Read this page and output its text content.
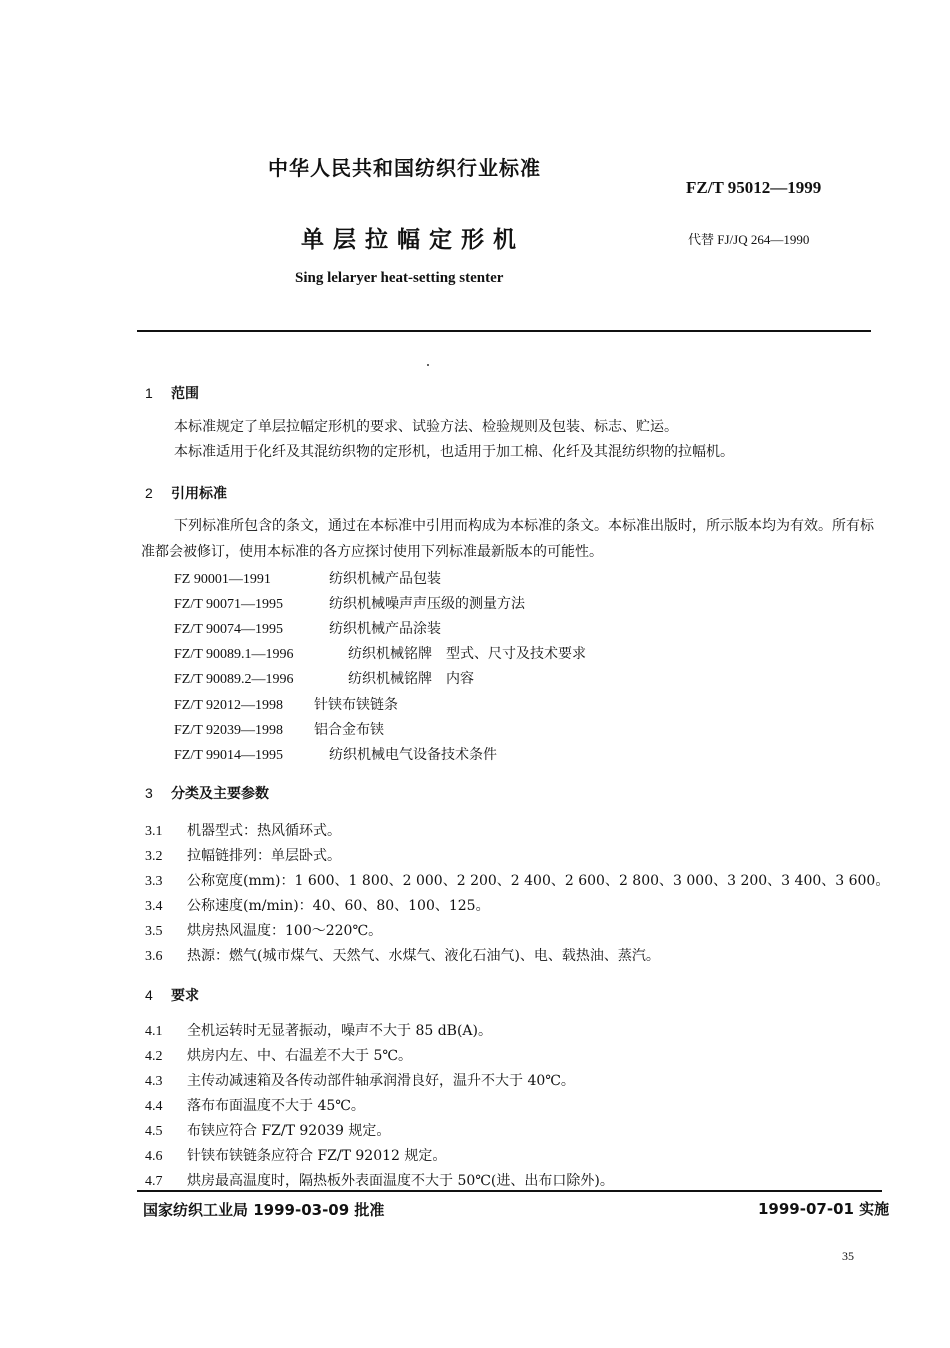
中华人民共和国纺织行业标准
FZ/T 95012—1999
单层拉幅定形机	代替 FJ/JQ 264—1990
Sing lelaryer heat-setting stenter
1 范围
本标准规定了单层拉幅定形机的要求、试验方法、检验规则及包装、标志、贮运。
本标准适用于化纤及其混纺织物的定形机，也适用于加工棉、化纤及其混纺织物的拉幅机。
2 引用标准
下列标准所包含的条文，通过在本标准中引用而构成为本标准的条文。本标准出版时，所示版本均为有效。所有标准都会被修订，使用本标准的各方应探讨使用下列标准最新版本的可能性。
FZ 90001—1991	纺织机械产品包装
FZ/T 90071—1995	纺织机械噪声声压级的测量方法
FZ/T 90074—1995	纺织机械产品涂装
FZ/T 90089.1—1996	纺织机械铭牌　型式、尺寸及技术要求
FZ/T 90089.2—1996	纺织机械铭牌　内容
FZ/T 92012—1998 针铗布铗链条
FZ/T 92039—1998 铝合金布铗
FZ/T 99014—1995	纺织机械电气设备技术条件
3 分类及主要参数
3.1 机器型式：热风循环式。
3.2 拉幅链排列：单层卧式。
3.3 公称宽度(mm)：1 600、1 800、2 000、2 200、2 400、2 600、2 800、3 000、3 200、3 400、3 600。
3.4 公称速度(m/min)：40、60、80、100、125。
3.5 烘房热风温度：100～220℃。
3.6 热源：燃气(城市煤气、天然气、水煤气、液化石油气)、电、载热油、蒸汽。
4 要求
4.1 全机运转时无显著振动，噪声不大于 85 dB(A)。
4.2 烘房内左、中、右温差不大于 5℃。
4.3 主传动减速箱及各传动部件轴承润滑良好，温升不大于 40℃。
4.4 落布布面温度不大于 45℃。
4.5 布铗应符合 FZ/T 92039 规定。
4.6 针铗布铗链条应符合 FZ/T 92012 规定。
4.7 烘房最高温度时，隔热板外表面温度不大于 50℃(进、出布口除外)。
国家纺织工业局 1999-03-09 批准	1999-07-01 实施
35
